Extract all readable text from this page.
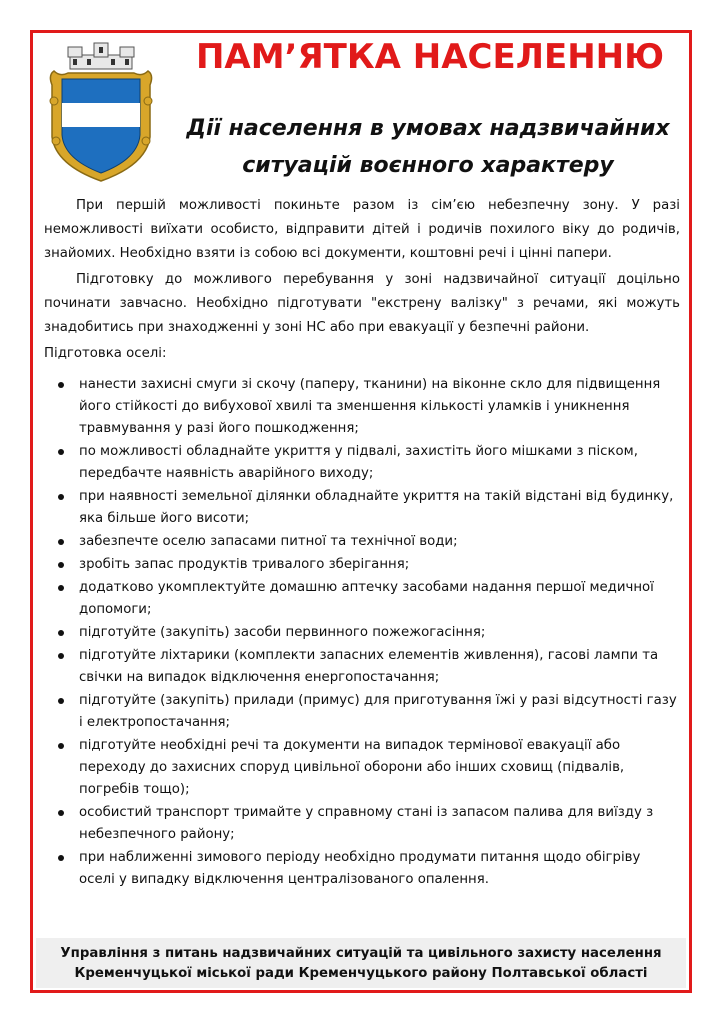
ПАМ’ЯТКА НАСЕЛЕННЮ
Дії населення в умовах надзвичайних
ситуацій воєнного характеру

При першій можливості покиньте разом із сім’єю небезпечну зону. У разі неможливості виїхати особисто, відправити дітей і родичів похилого віку до родичів, знайомих. Необхідно взяти із собою всі документи, коштовні речі і цінні папери.

Підготовку до можливого перебування у зоні надзвичайної ситуації доцільно починати завчасно. Необхідно підготувати "екстрену валізку" з речами, які можуть знадобитись при знаходженні у зоні НС або при евакуації у безпечні райони.

Підготовка оселі:

нанести захисні смуги зі скочу (паперу, тканини) на віконне скло для підвищення його стійкості до вибухової хвилі та зменшення кількості уламків і уникнення травмування у разі його пошкодження;
по можливості обладнайте укриття у підвалі, захистіть його мішками з піском, передбачте наявність аварійного виходу;
при наявності земельної ділянки обладнайте укриття на такій відстані від будинку, яка більше його висоти;
забезпечте оселю запасами питної та технічної води;
зробіть запас продуктів тривалого зберігання;
додатково укомплектуйте домашню аптечку засобами надання першої медичної допомоги;
підготуйте (закупіть) засоби первинного пожежогасіння;
підготуйте ліхтарики (комплекти запасних елементів живлення), гасові лампи та свічки на випадок відключення енергопостачання;
підготуйте (закупіть) прилади (примус) для приготування їжі у разі відсутності газу і електропостачання;
підготуйте необхідні речі та документи на випадок термінової евакуації або переходу до захисних споруд цивільної оборони або інших сховищ (підвалів, погребів тощо);
особистий транспорт тримайте у справному стані із запасом палива для виїзду з небезпечного району;
при наближенні зимового періоду необхідно продумати питання щодо обігріву оселі у випадку відключення централізованого опалення.
Управління з питань надзвичайних ситуацій та цивільного захисту населення
Кременчуцької міської ради Кременчуцького району Полтавської області
